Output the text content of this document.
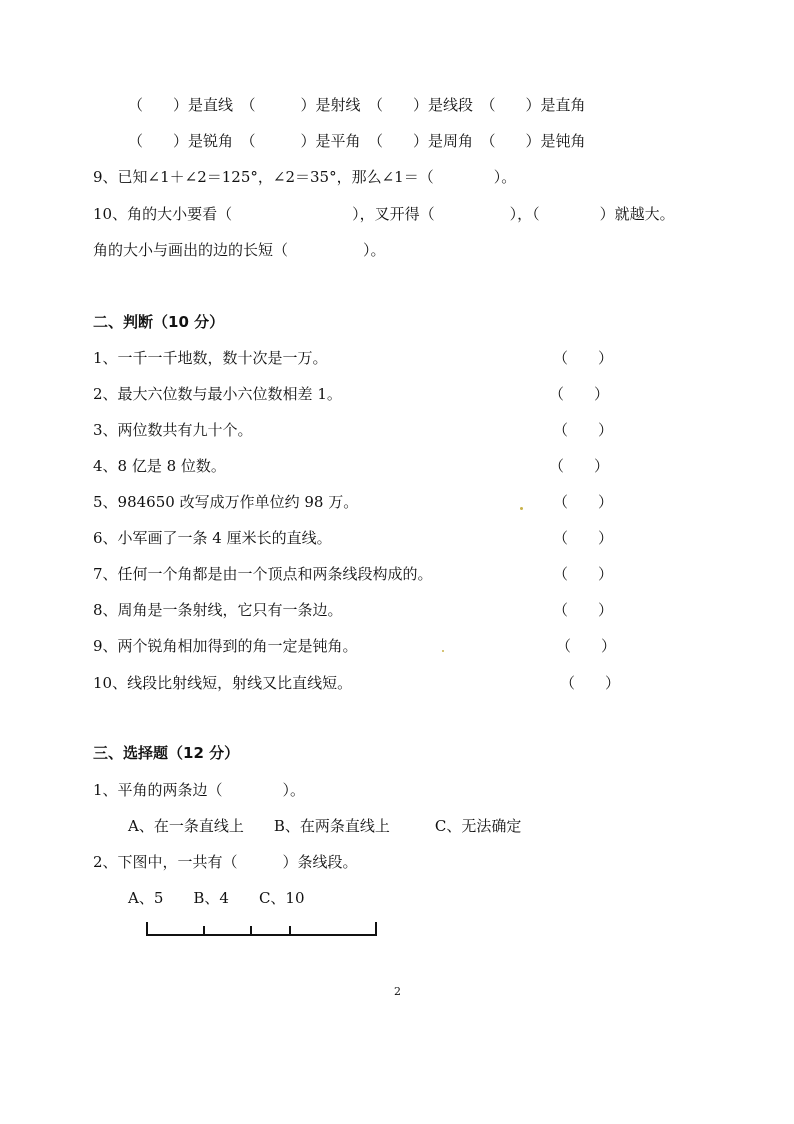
（　　）是直线　（　　　）是射线　（　　）是线段　（　　）是直角
（　　）是锐角　（　　　）是平角　（　　）是周角　（　　）是钝角
9、已知∠1＋∠2＝125°，∠2＝35°，那么∠1＝（　　　　）。
10、角的大小要看（　　　　　　　　），叉开得（　　　　　），（　　　　）就越大。
角的大小与画出的边的长短（　　　　　）。
二、判断（10 分）
1、一千一千地数，数十次是一万。	（　　）
2、最大六位数与最小六位数相差 1。	（　　）
3、两位数共有九十个。	（　　）
4、8 亿是 8 位数。	（　　）
5、984650 改写成万作单位约 98 万。	（　　）
6、小军画了一条 4 厘米长的直线。	（　　）
7、任何一个角都是由一个顶点和两条线段构成的。	（　　）
8、周角是一条射线，它只有一条边。	（　　）
9、两个锐角相加得到的角一定是钝角。	（　　）
10、线段比射线短，射线又比直线短。	（　　）
三、选择题（12 分）
1、平角的两条边（　　　　）。
A、在一条直线上　　B、在两条直线上　　　C、无法确定
2、下图中，一共有（　　　）条线段。
A、5　　B、4　　C、10
2
